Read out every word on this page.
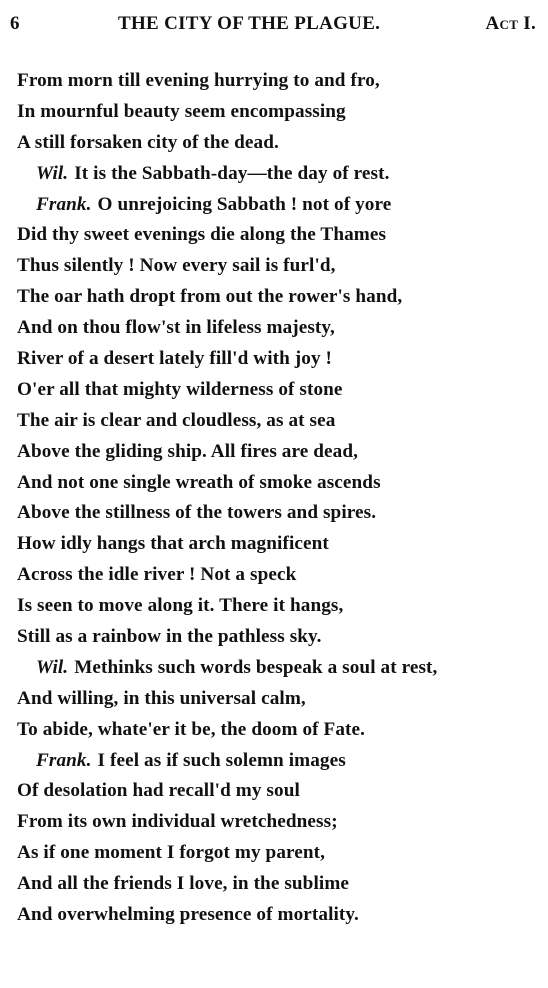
6	THE CITY OF THE PLAGUE.	Act I.
From morn till evening hurrying to and fro,
In mournful beauty seem encompassing
A still forsaken city of the dead.
Wil. It is the Sabbath-day—the day of rest.
Frank. O unrejoicing Sabbath ! not of yore
Did thy sweet evenings die along the Thames
Thus silently ! Now every sail is furl'd,
The oar hath dropt from out the rower's hand,
And on thou flow'st in lifeless majesty,
River of a desert lately fill'd with joy !
O'er all that mighty wilderness of stone
The air is clear and cloudless, as at sea
Above the gliding ship. All fires are dead,
And not one single wreath of smoke ascends
Above the stillness of the towers and spires.
How idly hangs that arch magnificent
Across the idle river ! Not a speck
Is seen to move along it. There it hangs,
Still as a rainbow in the pathless sky.
Wil. Methinks such words bespeak a soul at rest,
And willing, in this universal calm,
To abide, whate'er it be, the doom of Fate.
Frank. I feel as if such solemn images
Of desolation had recall'd my soul
From its own individual wretchedness;
As if one moment I forgot my parent,
And all the friends I love, in the sublime
And overwhelming presence of mortality.
